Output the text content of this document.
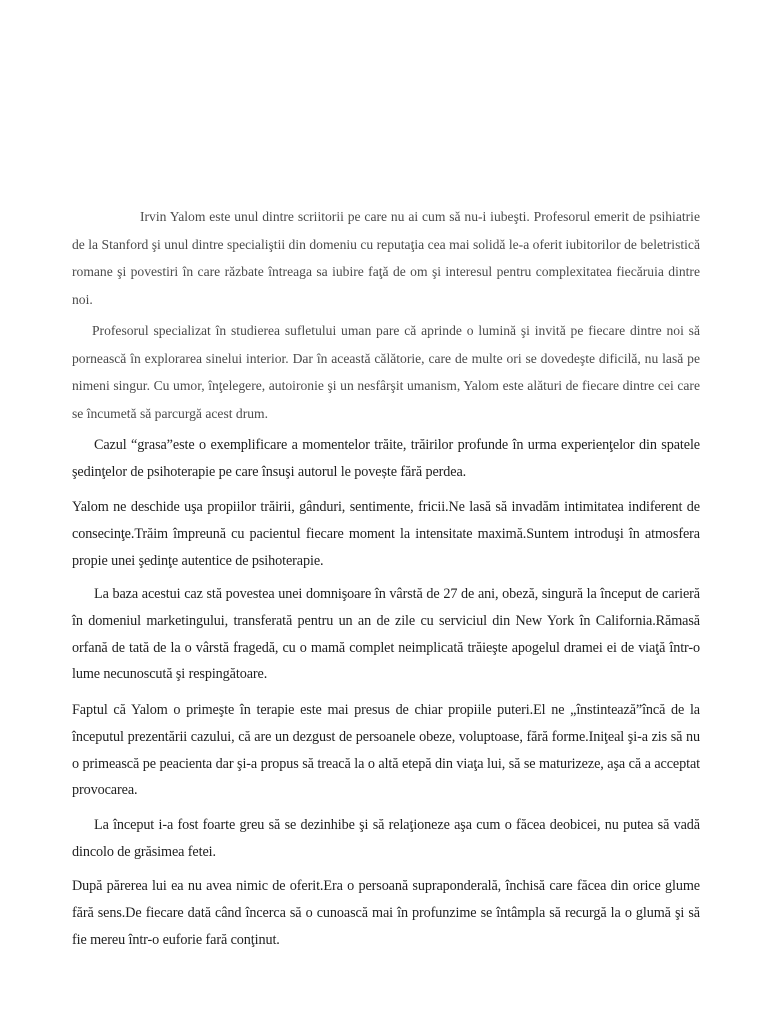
Irvin Yalom este unul dintre scriitorii pe care nu ai cum să nu-i iubeşti. Profesorul emerit de psihiatrie de la Stanford şi unul dintre specialiştii din domeniu cu reputaţia cea mai solidă le-a oferit iubitorilor de beletristică romane şi povestiri în care răzbate întreaga sa iubire faţă de om şi interesul pentru complexitatea fiecăruia dintre noi.

Profesorul specializat în studierea sufletului uman pare că aprinde o lumină şi invită pe fiecare dintre noi să pornească în explorarea sinelui interior. Dar în această călătorie, care de multe ori se dovedeşte dificilă, nu lasă pe nimeni singur. Cu umor, înţelegere, autoironie şi un nesfârşit umanism, Yalom este alături de fiecare dintre cei care se încumetă să parcurgă acest drum.

Cazul “grasa”este o exemplificare a momentelor trăite, trăirilor profunde în urma experienţelor din spatele şedinţelor de psihoterapie pe care însuşi autorul le povește fără perdea.

Yalom ne deschide uşa propiilor trăirii, gânduri, sentimente, fricii.Ne lasă să invadăm intimitatea indiferent de consecinţe.Trăim împreună cu pacientul fiecare moment la intensitate maximă.Suntem introduşi în atmosfera propie unei şedinţe autentice de psihoterapie.

La baza acestui caz stă povestea unei domnişoare în vârstă de 27 de ani, obeză, singură la început de carieră în domeniul marketingului, transferată pentru un an de zile cu serviciul din New York în California.Rămasă orfană de tată de la o vârstă fragedă, cu o mamă complet neimplicată trăieşte apogelul dramei ei de viaţă într-o lume necunoscută şi respingătoare.

Faptul că Yalom o primeşte în terapie este mai presus de chiar propiile puteri.El ne „înstintează”încă de la începutul prezentării cazului, că are un dezgust de persoanele obeze, voluptoase, fără forme.Iniţeal şi-a zis să nu o primească pe peacienta dar şi-a propus să treacă la o altă etepă din viaţa lui, să se maturizeze, aşa că a acceptat provocarea.

La început i-a fost foarte greu să se dezinhibe şi să relaţioneze aşa cum o făcea deobicei, nu putea să vadă dincolo de grăsimea fetei.

După părerea lui ea nu avea nimic de oferit.Era o persoană supraponderală, închisă care făcea din orice glume fără sens.De fiecare dată când încerca să o cunoască mai în profunzime se întâmpla să recurgă la o glumă şi să fie mereu într-o euforie fară conţinut.
